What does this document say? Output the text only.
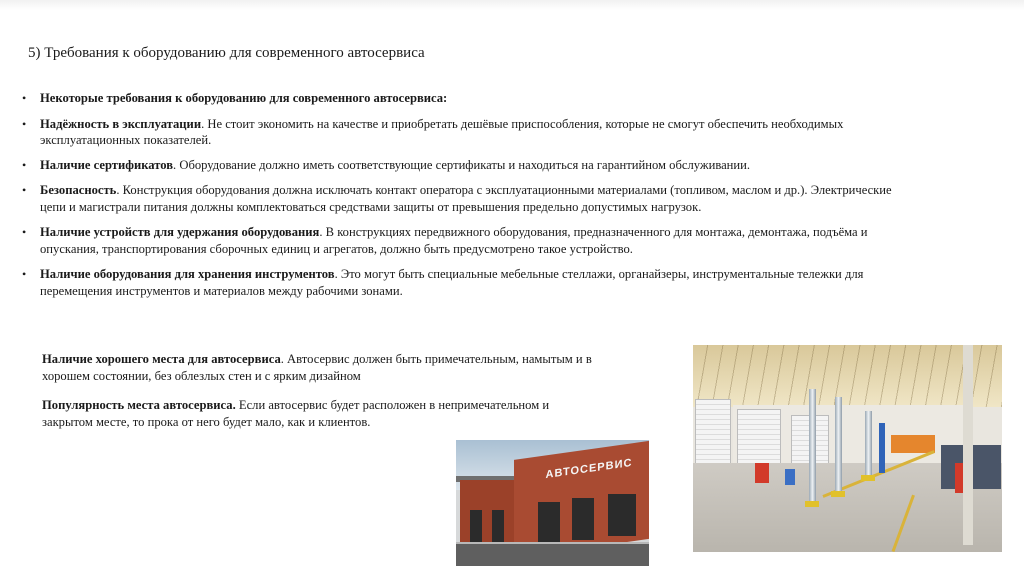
5) Требования к оборудованию для современного автосервиса
• Некоторые требования к оборудованию для современного автосервиса:
• Надёжность в эксплуатации. Не стоит экономить на качестве и приобретать дешёвые приспособления, которые не смогут обеспечить необходимых эксплуатационных показателей.
• Наличие сертификатов. Оборудование должно иметь соответствующие сертификаты и находиться на гарантийном обслуживании.
• Безопасность. Конструкция оборудования должна исключать контакт оператора с эксплуатационными материалами (топливом, маслом и др.). Электрические цепи и магистрали питания должны комплектоваться средствами защиты от превышения предельно допустимых нагрузок.
• Наличие устройств для удержания оборудования. В конструкциях передвижного оборудования, предназначенного для монтажа, демонтажа, подъёма и опускания, транспортирования сборочных единиц и агрегатов, должно быть предусмотрено такое устройство.
• Наличие оборудования для хранения инструментов. Это могут быть специальные мебельные стеллажи, органайзеры, инструментальные тележки для перемещения инструментов и материалов между рабочими зонами.
Наличие хорошего места для автосервиса. Автосервис должен быть примечательным, намытым и в хорошем состоянии, без облезлых стен и с ярким дизайном
Популярность места автосервиса. Если автосервис будет расположен в непримечательном и закрытом месте, то прока от него будет мало, как и клиентов.
АВТОСЕРВИС
